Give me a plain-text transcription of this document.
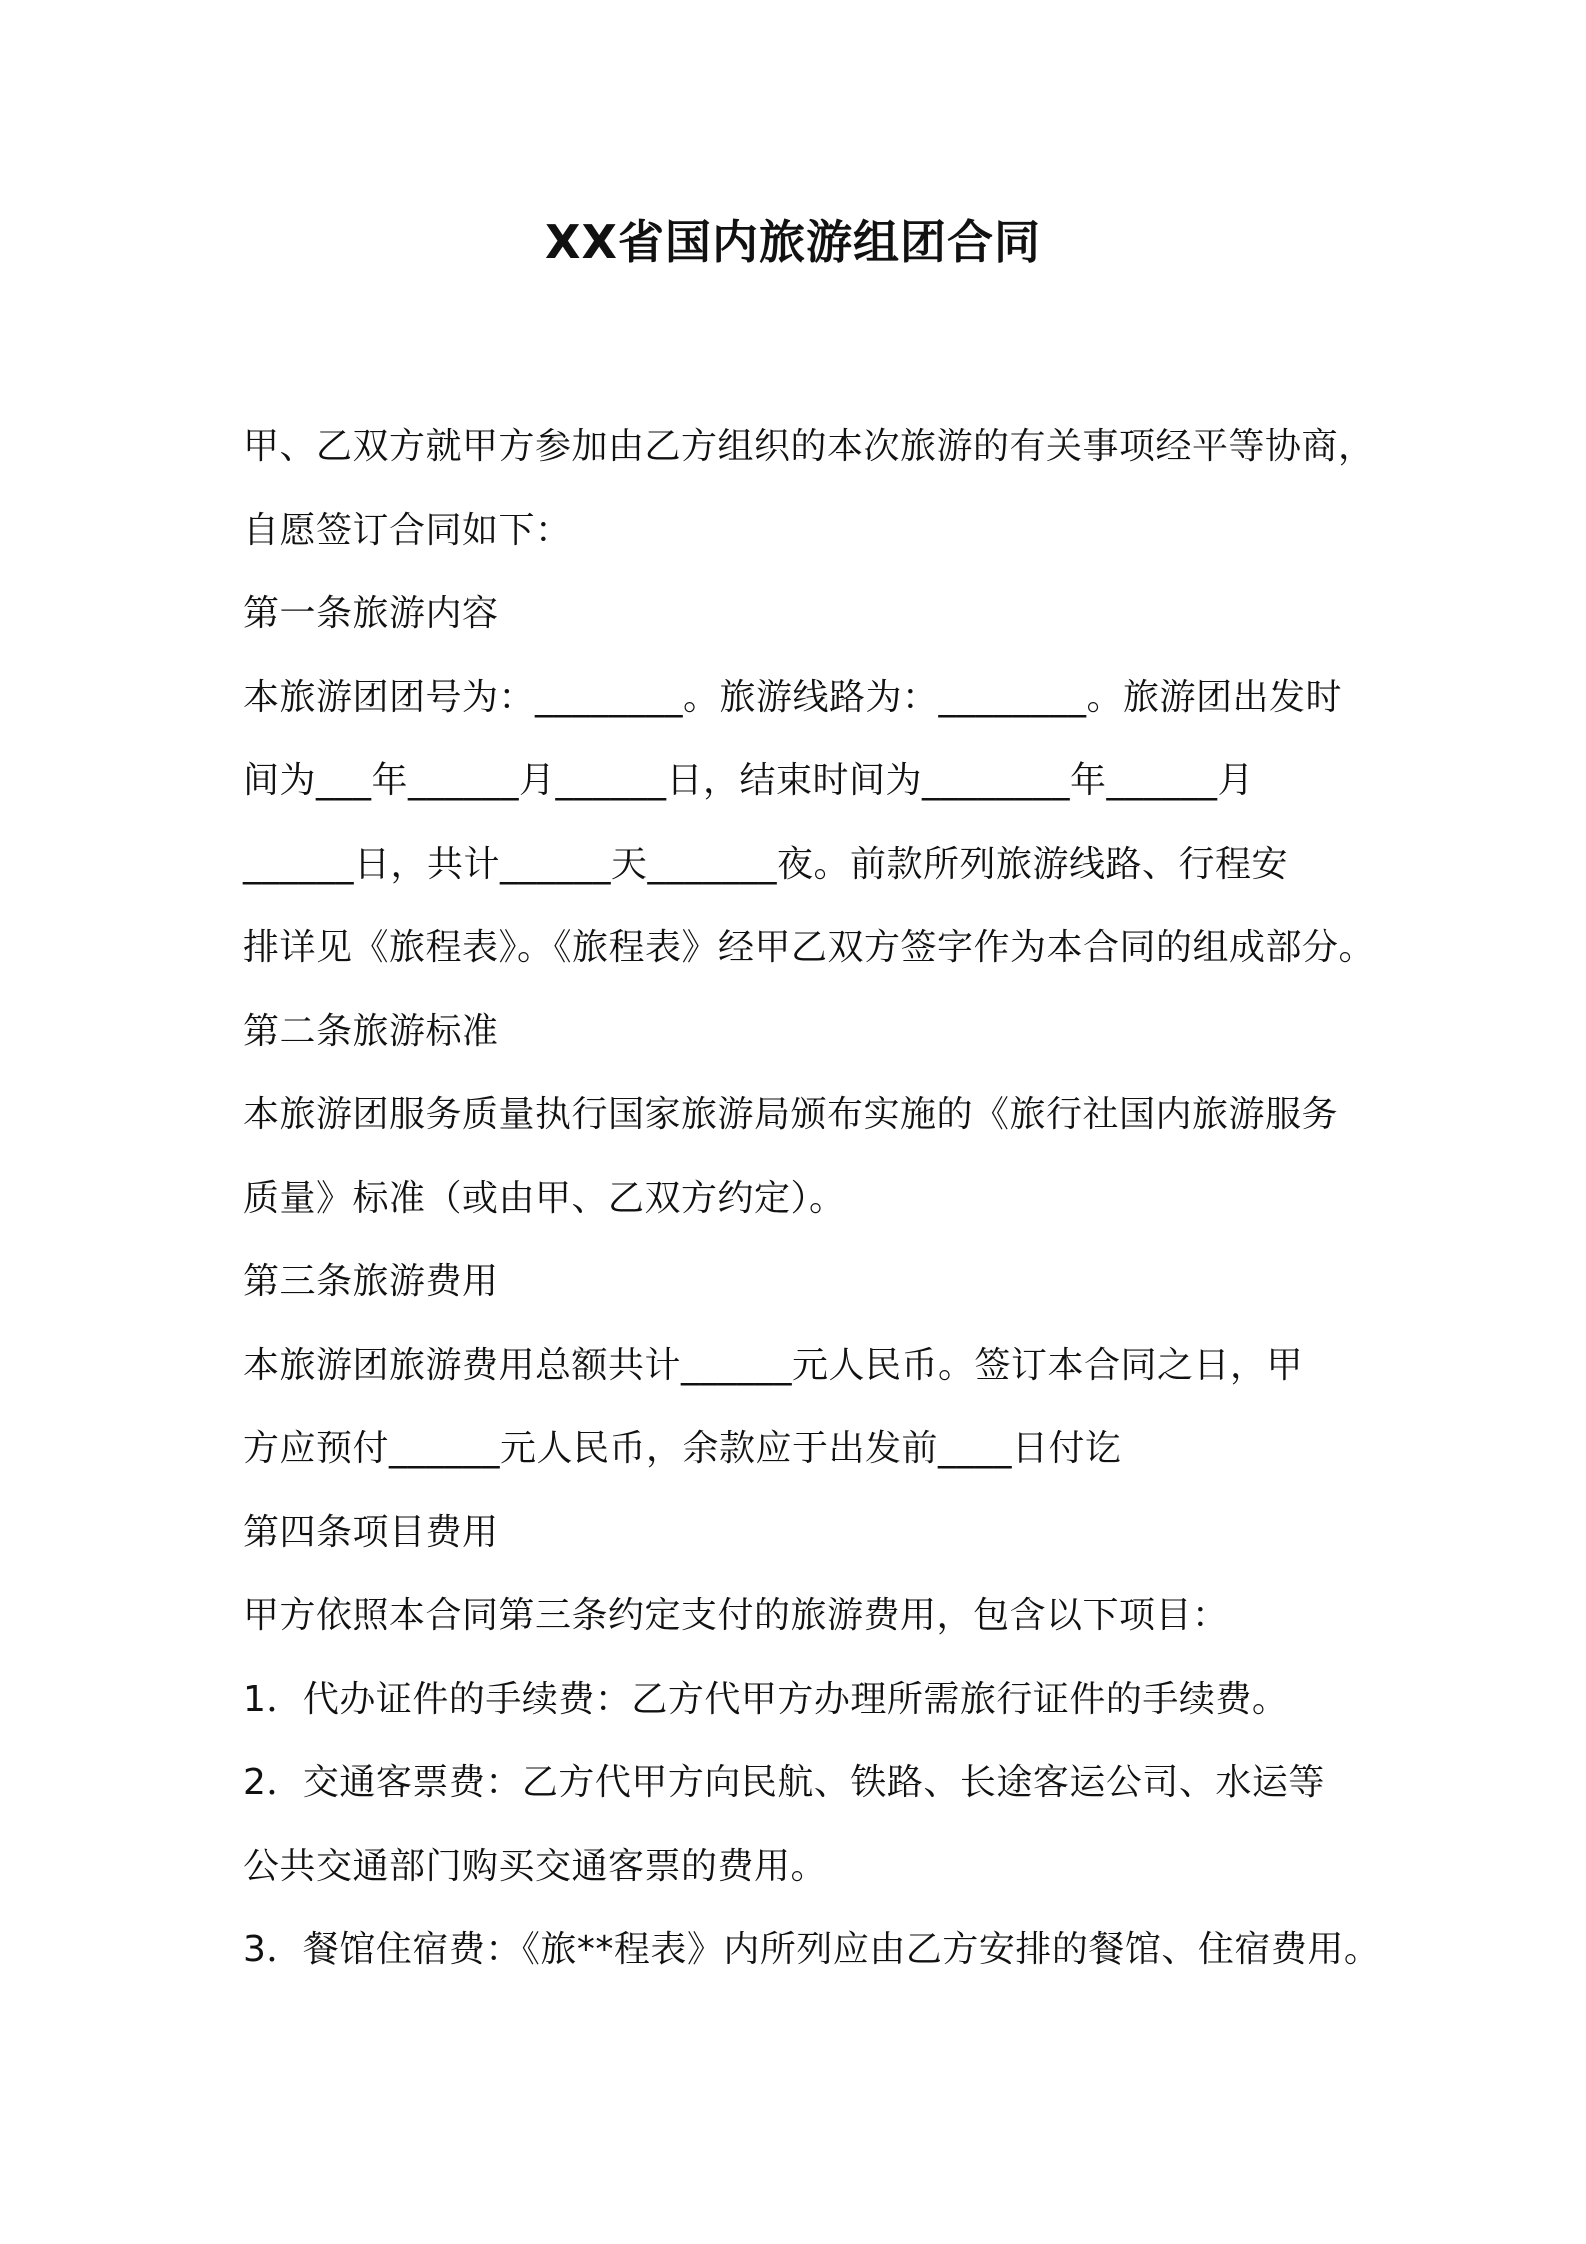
XX省国内旅游组团合同
甲、乙双方就甲方参加由乙方组织的本次旅游的有关事项经平等协商，
自愿签订合同如下：
第一条旅游内容
本旅游团团号为：________。旅游线路为：________。旅游团出发时
间为___年______月______日，结束时间为________年______月
______日，共计______天_______夜。前款所列旅游线路、行程安
排详见《旅程表》。《旅程表》经甲乙双方签字作为本合同的组成部分。
第二条旅游标准
本旅游团服务质量执行国家旅游局颁布实施的《旅行社国内旅游服务
质量》标准（或由甲、乙双方约定）。
第三条旅游费用
本旅游团旅游费用总额共计______元人民币。签订本合同之日，甲
方应预付______元人民币，余款应于出发前____日付讫
第四条项目费用
甲方依照本合同第三条约定支付的旅游费用，包含以下项目：
1．代办证件的手续费：乙方代甲方办理所需旅行证件的手续费。
2．交通客票费：乙方代甲方向民航、铁路、长途客运公司、水运等
公共交通部门购买交通客票的费用。
3．餐馆住宿费：《旅**程表》内所列应由乙方安排的餐馆、住宿费用。
